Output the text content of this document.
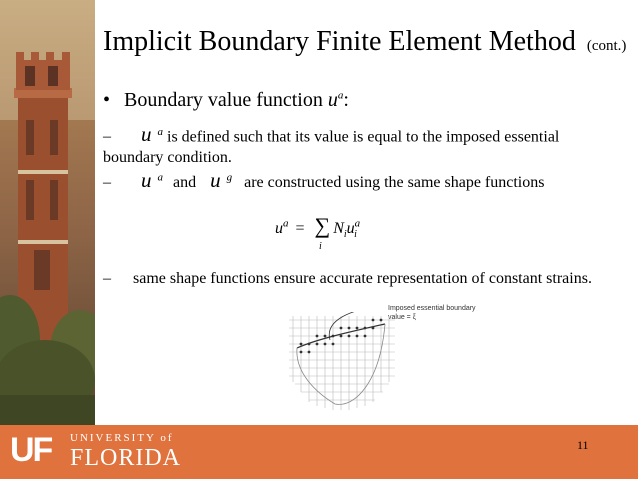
Implicit Boundary Finite Element Method (cont.)
• Boundary value function $u^a$:
– u $^a$ is defined such that its value is equal to the imposed essential boundary condition.
– u $^a$ and u $^g$ are constructed using the same shape functions
$u^a$ = ∑ $N_iu^a_i$
i
– same shape functions ensure accurate representation of constant strains.
Imposed essential boundary
value = ξ
UF UNIVERSITY of
FLORIDA	11
